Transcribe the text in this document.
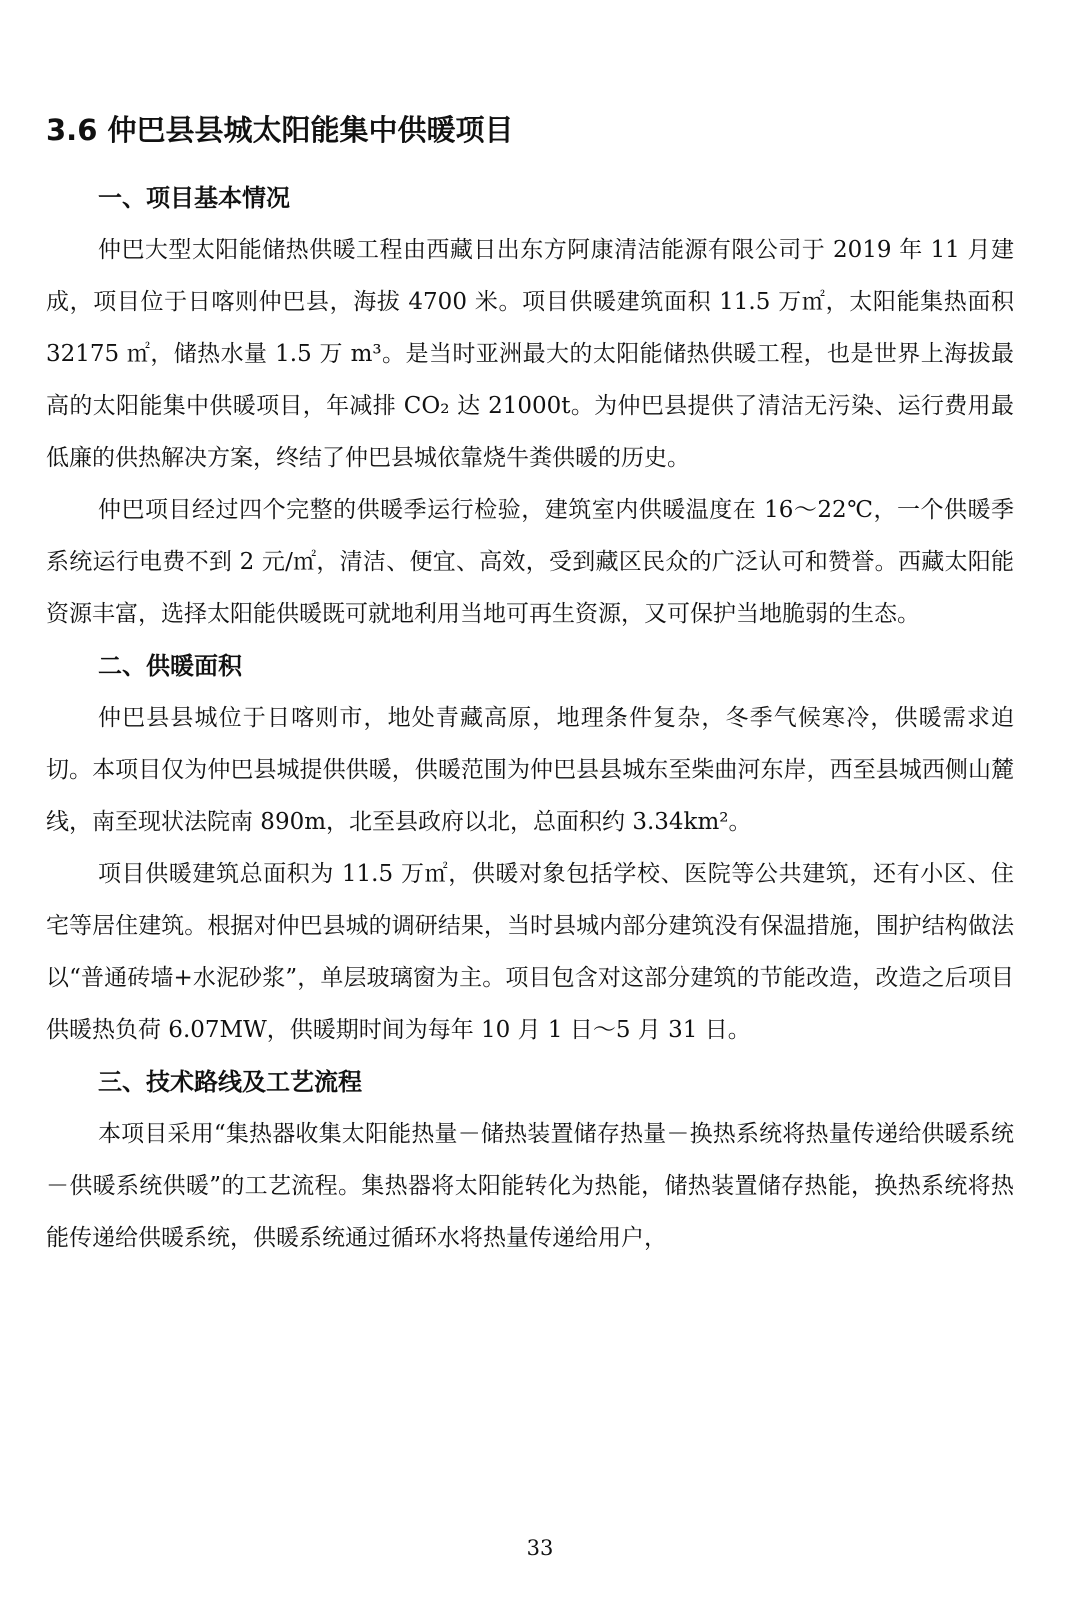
3.6 仲巴县县城太阳能集中供暖项目
一、项目基本情况

仲巴大型太阳能储热供暖工程由西藏日出东方阿康清洁能源有限公司于 2019 年 11 月建成，项目位于日喀则仲巴县，海拔 4700 米。项目供暖建筑面积 11.5 万㎡，太阳能集热面积 32175 ㎡，储热水量 1.5 万 m³。是当时亚洲最大的太阳能储热供暖工程，也是世界上海拔最高的太阳能集中供暖项目，年减排 CO₂ 达 21000t。为仲巴县提供了清洁无污染、运行费用最低廉的供热解决方案，终结了仲巴县城依靠烧牛粪供暖的历史。

仲巴项目经过四个完整的供暖季运行检验，建筑室内供暖温度在 16～22℃，一个供暖季系统运行电费不到 2 元/㎡，清洁、便宜、高效，受到藏区民众的广泛认可和赞誉。西藏太阳能资源丰富，选择太阳能供暖既可就地利用当地可再生资源，又可保护当地脆弱的生态。

二、供暖面积

仲巴县县城位于日喀则市，地处青藏高原，地理条件复杂，冬季气候寒冷，供暖需求迫切。本项目仅为仲巴县城提供供暖，供暖范围为仲巴县县城东至柴曲河东岸，西至县城西侧山麓线，南至现状法院南 890m，北至县政府以北，总面积约 3.34km²。

项目供暖建筑总面积为 11.5 万㎡，供暖对象包括学校、医院等公共建筑，还有小区、住宅等居住建筑。根据对仲巴县城的调研结果，当时县城内部分建筑没有保温措施，围护结构做法以“普通砖墙+水泥砂浆”，单层玻璃窗为主。项目包含对这部分建筑的节能改造，改造之后项目供暖热负荷 6.07MW，供暖期时间为每年 10 月 1 日～5 月 31 日。

三、技术路线及工艺流程

本项目采用“集热器收集太阳能热量－储热装置储存热量－换热系统将热量传递给供暖系统－供暖系统供暖”的工艺流程。集热器将太阳能转化为热能，储热装置储存热能，换热系统将热能传递给供暖系统，供暖系统通过循环水将热量传递给用户，

33
